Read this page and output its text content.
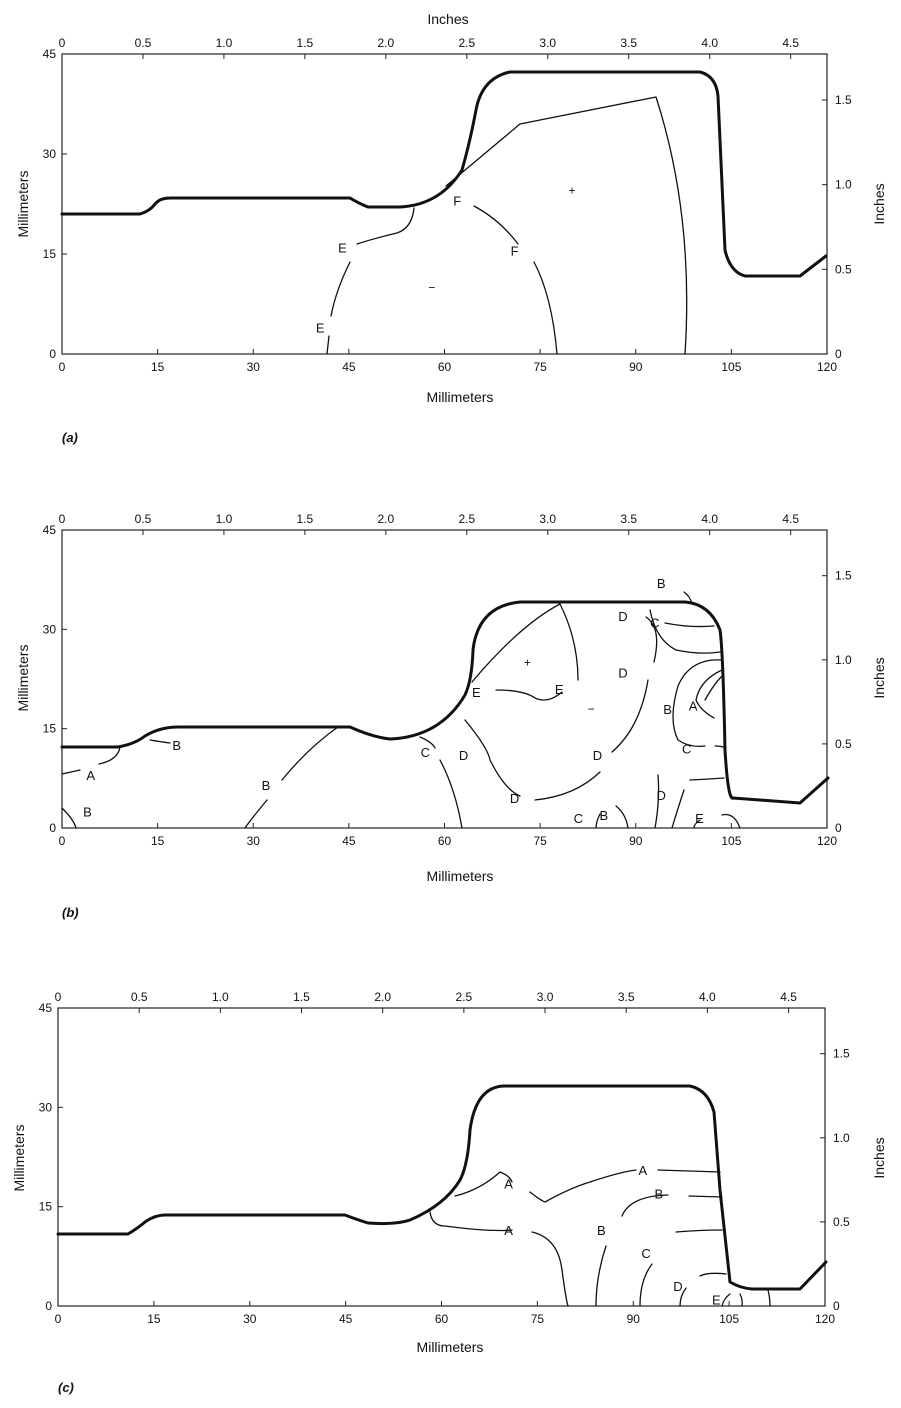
Inches
0	15	30	45	60	75	90	105	120
0	0.5	1.0	1.5	2.0	2.5	3.0	3.5	4.0	4.5
0
15
30
45
0
0.5
1.0
1.5
Millimeters
Millimeters	Inches
E
E
F
F
+
−
(a)
0	15	30	45	60	75	90	105	120
0	0.5	1.0	1.5	2.0	2.5	3.0	3.5	4.0	4.5
0
15
30
45
0
0.5
1.0
1.5
Millimeters
Millimeters	Inches
B
A
B
B
C D
D
D
E	E
D
D C
B
B A
C
D
C B	E
+
−
(b)
0	15	30	45	60	75	90	105	120
0	0.5	1.0	1.5	2.0	2.5	3.0	3.5	4.0	4.5
0
15
30
45
0
0.5
1.0
1.5
Millimeters
Millimeters	Inches
A
A
A
B
B
C
D
E
(c)
